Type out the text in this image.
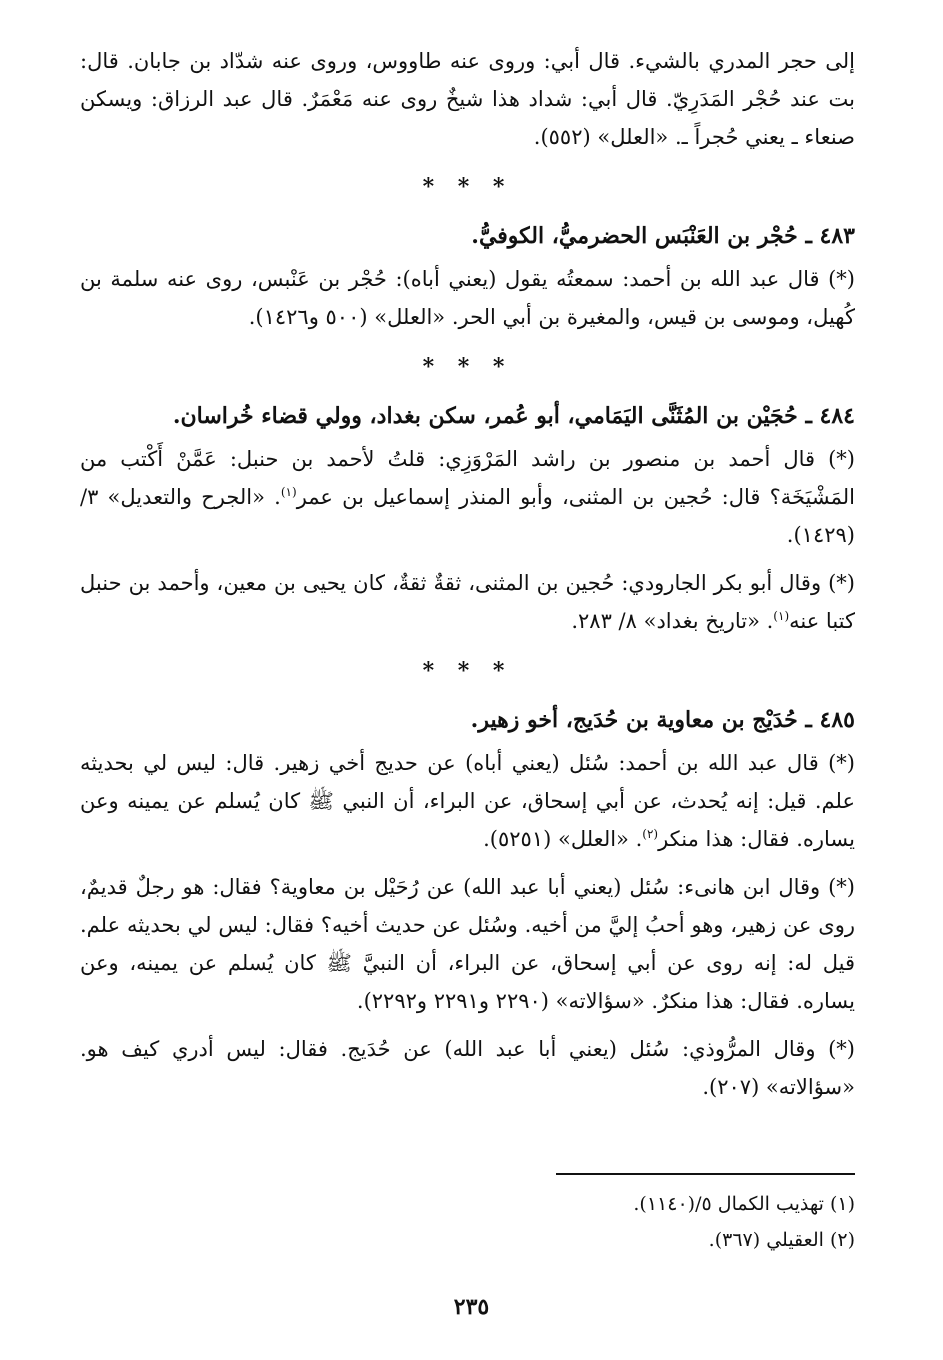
إلى حجر المدري بالشيء. قال أبي: وروى عنه طاووس، وروى عنه شدّاد بن جابان. قال: بت عند حُجْر المَدَرِيّ. قال أبي: شداد هذا شيخٌ روى عنه مَعْمَرٌ. قال عبد الرزاق: ويسكن صنعاء ـ يعني حُجراً ـ. «العلل» (٥٥٢).

* * *

٤٨٣ ـ حُجْر بن العَنْبَس الحضرميُّ، الكوفيُّ.

(*) قال عبد الله بن أحمد: سمعتُه يقول (يعني أباه): حُجْر بن عَنْبس، روى عنه سلمة بن كُهيل، وموسى بن قيس، والمغيرة بن أبي الحر. «العلل» (٥٠٠ و١٤٢٦).

* * *

٤٨٤ ـ حُجَيْن بن المُثَنَّى اليَمَامي، أبو عُمر، سكن بغداد، وولي قضاء خُراسان.

(*) قال أحمد بن منصور بن راشد المَرْوَزِي: قلتُ لأحمد بن حنبل: عَمَّنْ أَكْتب من المَشْيَخَة؟ قال: حُجين بن المثنى، وأبو المنذر إسماعيل بن عمر$^{(١)}$. «الجرح والتعديل» ٣/ (١٤٢٩).

(*) وقال أبو بكر الجارودي: حُجين بن المثنى، ثقةٌ ثقةٌ، كان يحيى بن معين، وأحمد بن حنبل كتبا عنه$^{(١)}$. «تاريخ بغداد» ٨/ ٢٨٣.

* * *

٤٨٥ ـ حُدَيْج بن معاوية بن حُدَيج، أخو زهير.

(*) قال عبد الله بن أحمد: سُئل (يعني أباه) عن حديج أخي زهير. قال: ليس لي بحديثه علم. قيل: إنه يُحدث، عن أبي إسحاق، عن البراء، أن النبي ﷺ كان يُسلم عن يمينه وعن يساره. فقال: هذا منكر$^{(٢)}$. «العلل» (٥٢٥١).

(*) وقال ابن هانىء: سُئل (يعني أبا عبد الله) عن رُحَيْل بن معاوية؟ فقال: هو رجلٌ قديمٌ، روى عن زهير، وهو أحبُ إليَّ من أخيه. وسُئل عن حديث أخيه؟ فقال: ليس لي بحديثه علم. قيل له: إنه روى عن أبي إسحاق، عن البراء، أن النبيَّ ﷺ كان يُسلم عن يمينه، وعن يساره. فقال: هذا منكرٌ. «سؤالاته» (٢٢٩٠ و٢٢٩١ و٢٢٩٢).

(*) وقال المرُّوذي: سُئل (يعني أبا عبد الله) عن حُدَيج. فقال: ليس أدري كيف هو. «سؤالاته» (٢٠٧).

(١) تهذيب الكمال ٥/(١١٤٠).

(٢) العقيلي (٣٦٧).

٢٣٥
